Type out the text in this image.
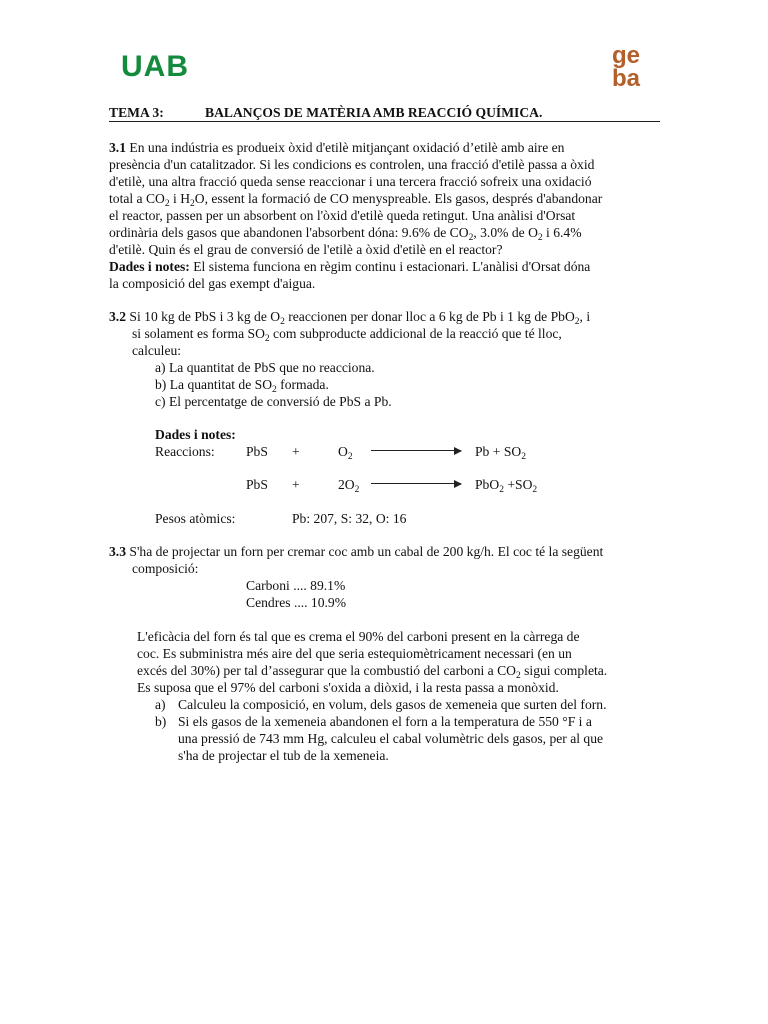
UAB	ge
ba
TEMA 3:	BALANÇOS DE MATÈRIA AMB REACCIÓ QUÍMICA.
3.1 En una indústria es produeix òxid d'etilè mitjançant oxidació d’etilè amb aire en
presència d'un catalitzador. Si les condicions es controlen, una fracció d'etilè passa a òxid
d'etilè, una altra fracció queda sense reaccionar i una tercera fracció sofreix una oxidació
total a $CO_2$ i $H_2O$, essent la formació de CO menyspreable. Els gasos, després d'abandonar
el reactor, passen per un absorbent on l'òxid d'etilè queda retingut. Una anàlisi d'Orsat
ordinària dels gasos que abandonen l'absorbent dóna: 9.6% de $CO_2$, 3.0% de $O_2$ i 6.4%
d'etilè. Quin és el grau de conversió de l'etilè a òxid d'etilè en el reactor?
Dades i notes: El sistema funciona en règim continu i estacionari. L'anàlisi d'Orsat dóna
la composició del gas exempt d'aigua.
3.2 Si 10 kg de PbS i 3 kg de $O_2$ reaccionen per donar lloc a 6 kg de Pb i 1 kg de PbO$_2$, i
si solament es forma $SO_2$ com subproducte addicional de la reacció que té lloc,
calculeu:
a) La quantitat de PbS que no reacciona.
b) La quantitat de $SO_2$ formada.
c) El percentatge de conversió de PbS a Pb.
Dades i notes:
Reaccions: PbS +	$O_2$	$Pb + SO_2$
PbS +	$2O_2$	$PbO_2 +SO_2$
Pesos atòmics:	Pb: 207, S: 32, O: 16
3.3 S'ha de projectar un forn per cremar coc amb un cabal de 200 kg/h. El coc té la següent
composició:
Carboni .... 89.1%
Cendres .... 10.9%
L'eficàcia del forn és tal que es crema el 90% del carboni present en la càrrega de
coc. Es subministra més aire del que seria estequiomètricament necessari (en un
excés del 30%) per tal d’assegurar que la combustió del carboni a $CO_2$ sigui completa.
Es suposa que el 97% del carboni s'oxida a diòxid, i la resta passa a monòxid.
a) Calculeu la composició, en volum, dels gasos de xemeneia que surten del forn.
b) Si els gasos de la xemeneia abandonen el forn a la temperatura de 550 °F i a
una pressió de 743 mm Hg, calculeu el cabal volumètric dels gasos, per al que
s'ha de projectar el tub de la xemeneia.
